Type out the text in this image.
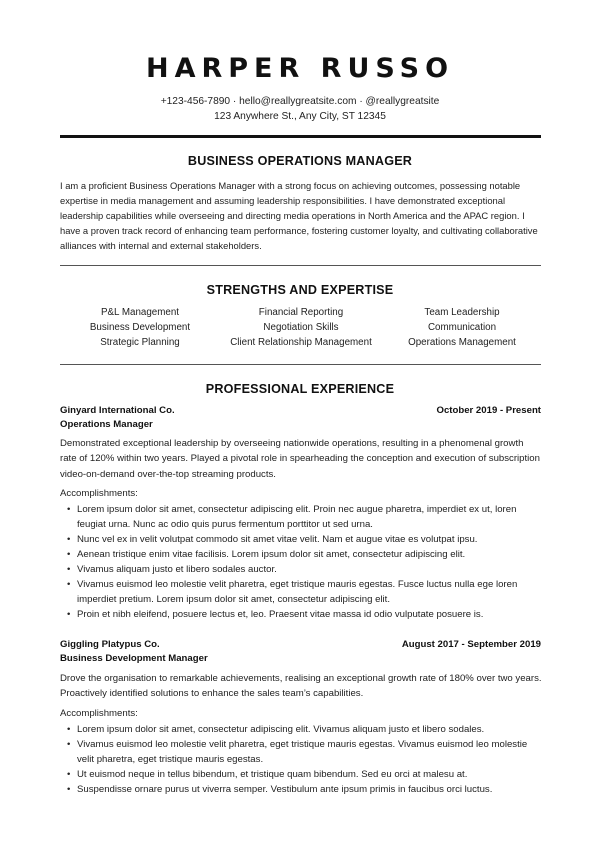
HARPER RUSSO
+123-456-7890 · hello@reallygreatsite.com · @reallygreatsite
123 Anywhere St., Any City, ST 12345
BUSINESS OPERATIONS MANAGER
I am a proficient Business Operations Manager with a strong focus on achieving outcomes, possessing notable expertise in media management and assuming leadership responsibilities. I have demonstrated exceptional leadership capabilities while overseeing and directing media operations in North America and the APAC region. I have a proven track record of enhancing team performance, fostering customer loyalty, and cultivating collaborative alliances with internal and external stakeholders.
STRENGTHS AND EXPERTISE
P&L Management
Business Development
Strategic Planning
Financial Reporting
Negotiation Skills
Client Relationship Management
Team Leadership
Communication
Operations Management
PROFESSIONAL EXPERIENCE
Ginyard International Co.	October 2019 - Present
Operations Manager
Demonstrated exceptional leadership by overseeing nationwide operations, resulting in a phenomenal growth rate of 120% within two years. Played a pivotal role in spearheading the conception and execution of subscription video-on-demand over-the-top streaming products.
Accomplishments:
• Lorem ipsum dolor sit amet, consectetur adipiscing elit. Proin nec augue pharetra, imperdiet ex ut, loren feugiat urna. Nunc ac odio quis purus fermentum porttitor ut sed urna.
• Nunc vel ex in velit volutpat commodo sit amet vitae velit. Nam et augue vitae es volutpat ipsu.
• Aenean tristique enim vitae facilisis. Lorem ipsum dolor sit amet, consectetur adipiscing elit.
• Vivamus aliquam justo et libero sodales auctor.
• Vivamus euismod leo molestie velit pharetra, eget tristique mauris egestas. Fusce luctus nulla ege loren imperdiet pretium. Lorem ipsum dolor sit amet, consectetur adipiscing elit.
• Proin et nibh eleifend, posuere lectus et, leo. Praesent vitae massa id odio vulputate posuere is.
Giggling Platypus Co.	August 2017 - September 2019
Business Development Manager
Drove the organisation to remarkable achievements, realising an exceptional growth rate of 180% over two years. Proactively identified solutions to enhance the sales team’s capabilities.
Accomplishments:
• Lorem ipsum dolor sit amet, consectetur adipiscing elit. Vivamus aliquam justo et libero sodales.
• Vivamus euismod leo molestie velit pharetra, eget tristique mauris egestas. Vivamus euismod leo molestie velit pharetra, eget tristique mauris egestas.
• Ut euismod neque in tellus bibendum, et tristique quam bibendum. Sed eu orci at malesu at.
• Suspendisse ornare purus ut viverra semper. Vestibulum ante ipsum primis in faucibus orci luctus.
